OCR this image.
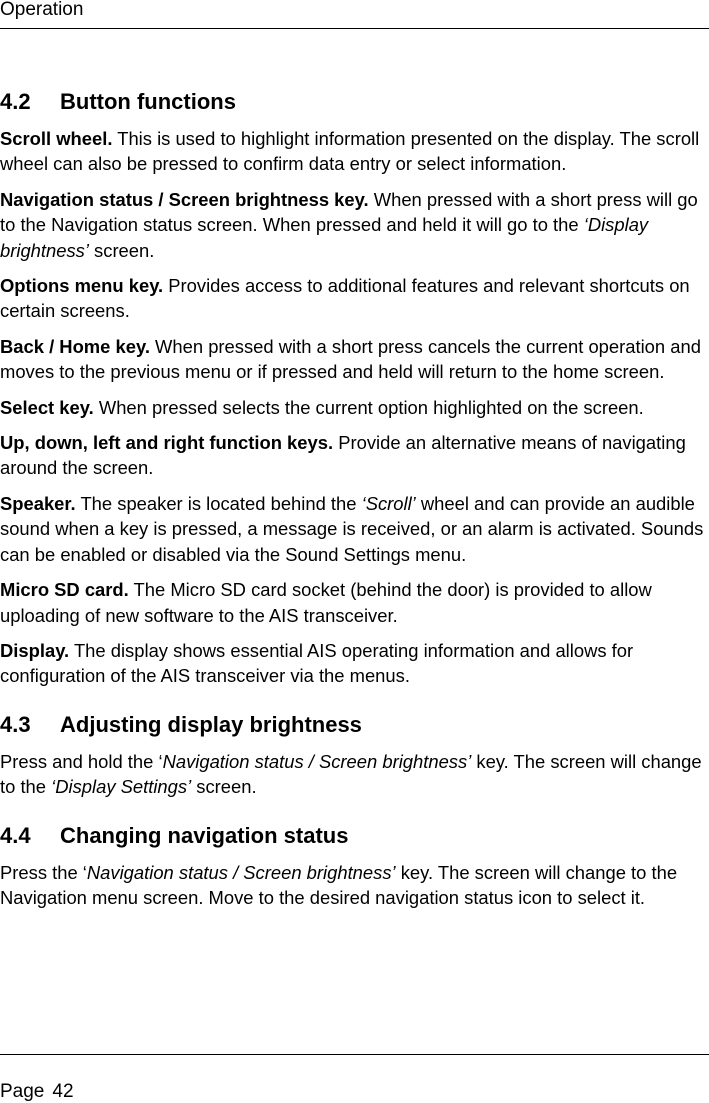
Operation
4.2	Button functions

Scroll wheel. This is used to highlight information presented on the display. The scroll wheel can also be pressed to confirm data entry or select information.

Navigation status / Screen brightness key. When pressed with a short press will go to the Navigation status screen. When pressed and held it will go to the ‘Display brightness’ screen.

Options menu key. Provides access to additional features and relevant shortcuts on certain screens.

Back / Home key. When pressed with a short press cancels the current operation and moves to the previous menu or if pressed and held will return to the home screen.

Select key. When pressed selects the current option highlighted on the screen.

Up, down, left and right function keys. Provide an alternative means of navigating around the screen.

Speaker. The speaker is located behind the ‘Scroll’ wheel and can provide an audible sound when a key is pressed, a message is received, or an alarm is activated. Sounds can be enabled or disabled via the Sound Settings menu.

Micro SD card. The Micro SD card socket (behind the door) is provided to allow uploading of new software to the AIS transceiver.

Display. The display shows essential AIS operating information and allows for configuration of the AIS transceiver via the menus.

4.3	Adjusting display brightness

Press and hold the ‘Navigation status / Screen brightness’ key. The screen will change to the ‘Display Settings’ screen.

4.4	Changing navigation status

Press the ‘Navigation status / Screen brightness’ key. The screen will change to the Navigation menu screen. Move to the desired navigation status icon to select it.

Page 42
